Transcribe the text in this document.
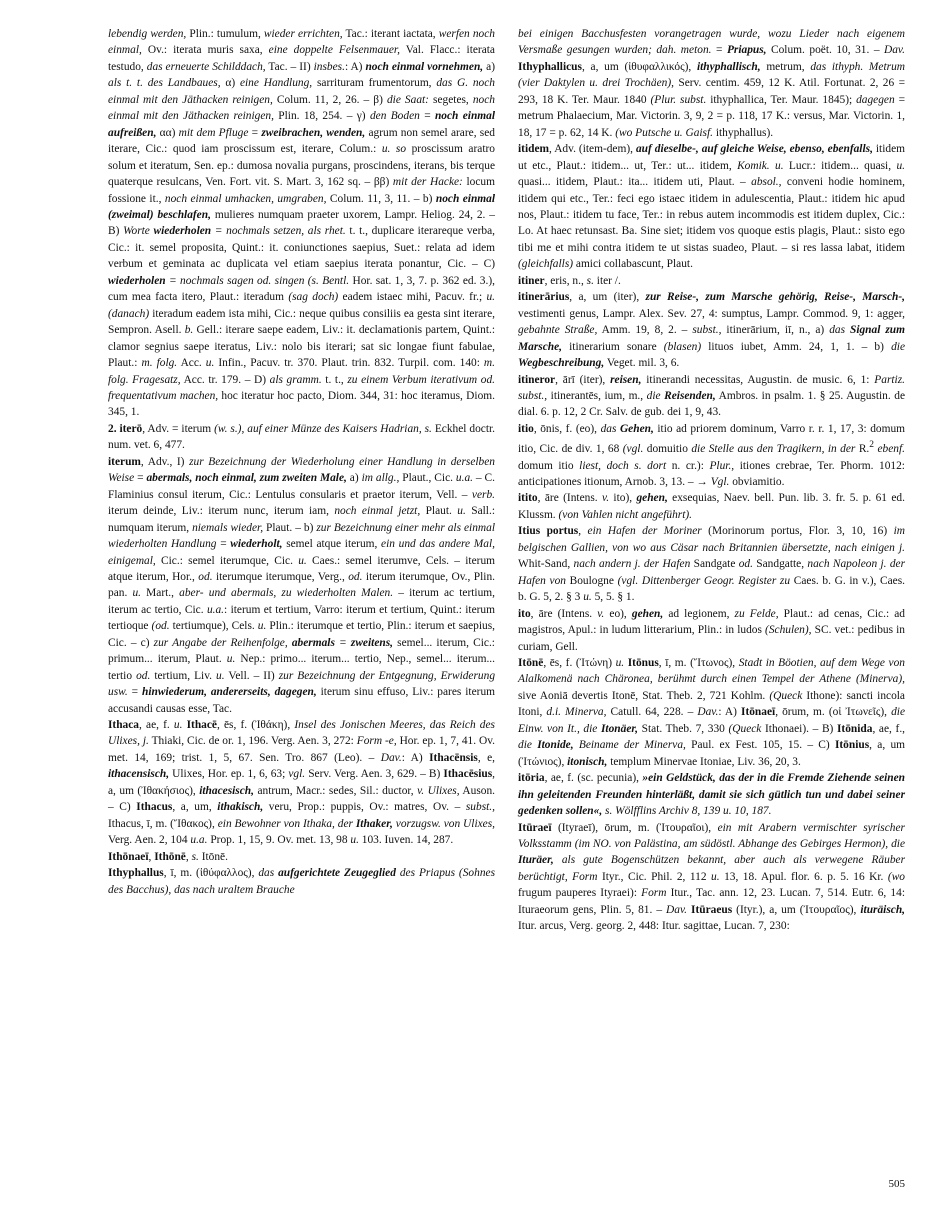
lebendig werden, Plin.: tumulum, wieder errichten, Tac.: iterant iactata, werfen noch einmal, Ov.: iterata muris saxa, eine doppelte Felsenmauer, Val. Flacc.: iterata testudo, das erneuerte Schilddach, Tac. – II) insbes.: A) noch einmal vornehmen, a) als t. t. des Landbaues, α) eine Handlung, sarrituram frumentorum, das G. noch einmal mit den Jäthacken reinigen, Colum. 11, 2, 26. – β) die Saat: segetes, noch einmal mit den Jäthacken reinigen, Plin. 18, 254. – γ) den Boden = noch einmal aufreißen, αα) mit dem Pfluge = zweibrachen, wenden, agrum non semel arare, sed iterare, Cic.: quod iam proscissum est, iterare, Colum.: u. so proscissum aratro solum et iteratum, Sen. ep.: dumosa novalia purgans, proscindens, iterans, bis terque quaterque resulcans, Ven. Fort. vit. S. Mart. 3, 162 sq. – ββ) mit der Hacke: locum fossione it., noch einmal umhacken, umgraben, Colum. 11, 3, 11. – b) noch einmal (zweimal) beschlafen, mulieres numquam praeter uxorem, Lampr. Heliog. 24, 2. – B) Worte wiederholen = nochmals setzen, als rhet. t. t., duplicare iterareque verba, Cic.: it. semel proposita, Quint.: it. coniunctiones saepius, Suet.: relata ad idem verbum et geminata ac duplicata vel etiam saepius iterata ponantur, Cic. – C) wiederholen = nochmals sagen od. singen (s. Bentl. Hor. sat. 1, 3, 7. p. 362 ed. 3.), cum mea facta itero, Plaut.: iteradum (sag doch) eadem istaec mihi, Pacuv. fr.; u. (danach) iteradum eadem ista mihi, Cic.: neque quibus consiliis ea gesta sint iterare, Sempron. Asell. b. Gell.: iterare saepe eadem, Liv.: it. declamationis partem, Quint.: clamor segnius saepe iteratus, Liv.: nolo bis iterari; sat sic longae fiunt fabulae, Plaut.: m. folg. Acc. u. Infin., Pacuv. tr. 370. Plaut. trin. 832. Turpil. com. 140: m. folg. Fragesatz, Acc. tr. 179. – D) als gramm. t. t., zu einem Verbum iterativum od. frequentativum machen, hoc iteratur hoc pacto, Diom. 344, 31: hoc iteramus, Diom. 345, 1.

2. iterō, Adv. = iterum (w. s.), auf einer Münze des Kaisers Hadrian, s. Eckhel doctr. num. vet. 6, 477.

iterum, Adv., I) zur Bezeichnung der Wiederholung einer Handlung in derselben Weise = abermals, noch einmal, zum zweiten Male, a) im allg., Plaut., Cic. u.a. – C. Flaminius consul iterum, Cic.: Lentulus consularis et praetor iterum, Vell. – verb. iterum deinde, Liv.: iterum nunc, iterum iam, noch einmal jetzt, Plaut. u. Sall.: numquam iterum, niemals wieder, Plaut. – b) zur Bezeichnung einer mehr als einmal wiederholten Handlung = wiederholt, semel atque iterum, ein und das andere Mal, einigemal, Cic.: semel iterumque, Cic. u. Caes.: semel iterumve, Cels. – iterum atque iterum, Hor., od. iterumque iterumque, Verg., od. iterum iterumque, Ov., Plin. pan. u. Mart., aber- und abermals, zu wiederholten Malen. – iterum ac tertium, iterum ac tertio, Cic. u.a.: iterum et tertium, Varro: iterum et tertium, Quint.: iterum tertioque (od. tertiumque), Cels. u. Plin.: iterumque et tertio, Plin.: iterum et saepius, Cic. – c) zur Angabe der Reihenfolge, abermals = zweitens, semel... iterum, Cic.: primum... iterum, Plaut. u. Nep.: primo... iterum... tertio, Nep., semel... iterum... tertio od. tertium, Liv. u. Vell. – II) zur Bezeichnung der Entgegnung, Erwiderung usw. = hinwiederum, andererseits, dagegen, iterum sinu effuso, Liv.: pares iterum accusandi causas esse, Tac.

Ithaca, ae, f. u. Ithacē, ēs, f. (Ἰθάκη), Insel des Jonischen Meeres, das Reich des Ulixes, j. Thiaki, Cic. de or. 1, 196. Verg. Aen. 3, 272: Form -e, Hor. ep. 1, 7, 41. Ov. met. 14, 169; trist. 1, 5, 67. Sen. Tro. 867 (Leo). – Dav.: A) Ithacēnsis, e, ithacensisch, Ulixes, Hor. ep. 1, 6, 63; vgl. Serv. Verg. Aen. 3, 629. – B) Ithacēsius, a, um (Ἰθακήσιος), ithacesisch, antrum, Macr.: sedes, Sil.: ductor, v. Ulixes, Auson. – C) Ithacus, a, um, ithakisch, veru, Prop.: puppis, Ov.: matres, Ov. – subst., Ithacus, ī, m. (Ἴθακος), ein Bewohner von Ithaka, der Ithaker, vorzugsw. von Ulixes, Verg. Aen. 2, 104 u.a. Prop. 1, 15, 9. Ov. met. 13, 98 u. 103. Iuven. 14, 287.

Ithōnaeī, Ithōnē, s. Itōnē.

Ithyphallus, ī, m. (ἰθύφαλλος), das aufgerichtete Zeugeglied des Priapus (Sohnes des Bacchus), das nach uraltem Brauche

bei einigen Bacchusfesten vorangetragen wurde, wozu Lieder nach eigenem Versmaße gesungen wurden; dah. meton. = Priapus, Colum. poët. 10, 31. – Dav. Ithyphallicus, a, um (ἰθυφαλλικός), ithyphallisch, metrum, das ithyph. Metrum (vier Daktylen u. drei Trochäen), Serv. centim. 459, 12 K. Atil. Fortunat. 2, 26 = 293, 18 K. Ter. Maur. 1840 (Plur. subst. ithyphallica, Ter. Maur. 1845); dagegen = metrum Phalaecium, Mar. Victorin. 3, 9, 2 = p. 118, 17 K.: versus, Mar. Victorin. 1, 18, 17 = p. 62, 14 K. (wo Putsche u. Gaisf. ithyphallus).

itidem, Adv. (item-dem), auf dieselbe-, auf gleiche Weise, ebenso, ebenfalls, itidem ut etc., Plaut.: itidem... ut, Ter.: ut... itidem, Komik. u. Lucr.: itidem... quasi, u. quasi... itidem, Plaut.: ita... itidem uti, Plaut. – absol., conveni hodie hominem, itidem qui etc., Ter.: feci ego istaec itidem in adulescentia, Plaut.: itidem hic apud nos, Plaut.: itidem tu face, Ter.: in rebus autem incommodis est itidem duplex, Cic.: Lo. At haec retunsast. Ba. Sine siet; itidem vos quoque estis plagis, Plaut.: sisto ego tibi me et mihi contra itidem te ut sistas suadeo, Plaut. – si res lassa labat, itidem (gleichfalls) amici collabascunt, Plaut.

itiner, eris, n., s. iter /.

itinerārius, a, um (iter), zur Reise-, zum Marsche gehörig, Reise-, Marsch-, vestimenti genus, Lampr. Alex. Sev. 27, 4: sumptus, Lampr. Commod. 9, 1: agger, gebahnte Straße, Amm. 19, 8, 2. – subst., itinerārium, iī, n., a) das Signal zum Marsche, itinerarium sonare (blasen) lituos iubet, Amm. 24, 1, 1. – b) die Wegbeschreibung, Veget. mil. 3, 6.

itineror, ārī (iter), reisen, itinerandi necessitas, Augustin. de music. 6, 1: Partiz. subst., itinerantēs, ium, m., die Reisenden, Ambros. in psalm. 1. § 25. Augustin. de dial. 6. p. 12, 2 Cr. Salv. de gub. dei 1, 9, 43.

itio, ōnis, f. (eo), das Gehen, itio ad priorem dominum, Varro r. r. 1, 17, 3: domum itio, Cic. de div. 1, 68 (vgl. domuitio die Stelle aus den Tragikern, in der R.$^2$ ebenf. domum itio liest, doch s. dort n. cr.): Plur., itiones crebrae, Ter. Phorm. 1012: anticipationes itionum, Arnob. 3, 13. – → Vgl. obviamitio.

itito, āre (Intens. v. ito), gehen, exsequias, Naev. bell. Pun. lib. 3. fr. 5. p. 61 ed. Klussm. (von Vahlen nicht angeführt).

Itius portus, ein Hafen der Moriner (Morinorum portus, Flor. 3, 10, 16) im belgischen Gallien, von wo aus Cäsar nach Britannien übersetzte, nach einigen j. Whit-Sand, nach andern j. der Hafen Sandgate od. Sandgatte, nach Napoleon j. der Hafen von Boulogne (vgl. Dittenberger Geogr. Register zu Caes. b. G. in v.), Caes. b. G. 5, 2. § 3 u. 5, 5. § 1.

ito, āre (Intens. v. eo), gehen, ad legionem, zu Felde, Plaut.: ad cenas, Cic.: ad magistros, Apul.: in ludum litterarium, Plin.: in ludos (Schulen), SC. vet.: pedibus in curiam, Gell.

Itōnē, ēs, f. (Ἰτώνη) u. Itōnus, ī, m. (Ἴτωνος), Stadt in Böotien, auf dem Wege von Alalkomenä nach Chäronea, berühmt durch einen Tempel der Athene (Minerva), sive Aoniā devertis Itonē, Stat. Theb. 2, 721 Kohlm. (Queck Ithone): sancti incola Itoni, d.i. Minerva, Catull. 64, 228. – Dav.: A) Itōnaeī, ōrum, m. (οἱ Ἰτωνεῖς), die Einw. von It., die Itonäer, Stat. Theb. 7, 330 (Queck Ithonaei). – B) Itōnida, ae, f., die Itonide, Beiname der Minerva, Paul. ex Fest. 105, 15. – C) Itōnius, a, um (Ἰτώνιος), itonisch, templum Minervae Itoniae, Liv. 36, 20, 3.

itōria, ae, f. (sc. pecunia), »ein Geldstück, das der in die Fremde Ziehende seinen ihn geleitenden Freunden hinterläßt, damit sie sich gütlich tun und dabei seiner gedenken sollen«, s. Wölfflins Archiv 8, 139 u. 10, 187.

Itūraeī (Ityraeī), ōrum, m. (Ἰτουραῖοι), ein mit Arabern vermischter syrischer Volksstamm (im NO. von Palästina, am südöstl. Abhange des Gebirges Hermon), die Ituräer, als gute Bogenschützen bekannt, aber auch als verwegene Räuber berüchtigt, Form Ityr., Cic. Phil. 2, 112 u. 13, 18. Apul. flor. 6. p. 5. 16 Kr. (wo frugum pauperes Ityraei): Form Itur., Tac. ann. 12, 23. Lucan. 7, 514. Eutr. 6, 14: Ituraeorum gens, Plin. 5, 81. – Dav. Itūraeus (Ityr.), a, um (Ἰτουραῖος), ituräisch, Itur. arcus, Verg. georg. 2, 448: Itur. sagittae, Lucan. 7, 230:

505
